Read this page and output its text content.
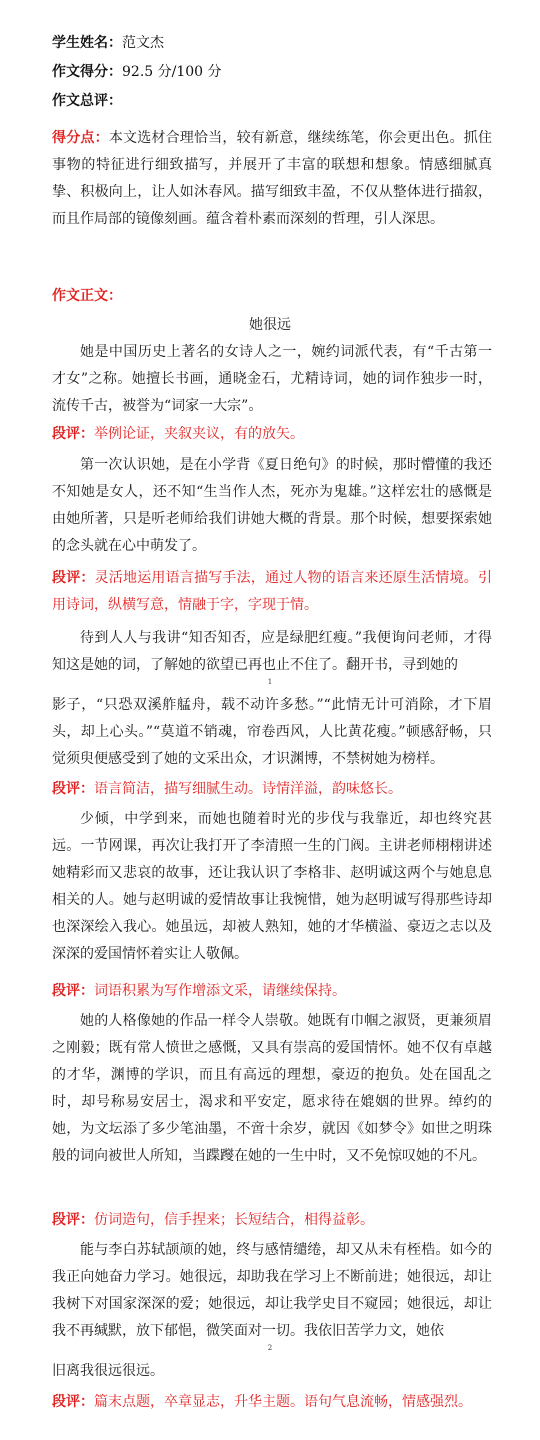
学生姓名：范文杰
作文得分：92.5 分/100 分
作文总评：
得分点：本文选材合理恰当，较有新意，继续练笔，你会更出色。抓住事物的特征进行细致描写，并展开了丰富的联想和想象。情感细腻真挚、积极向上，让人如沐春风。描写细致丰盈，不仅从整体进行描叙，而且作局部的镜像刻画。蕴含着朴素而深刻的哲理，引人深思。
作文正文：
她很远
她是中国历史上著名的女诗人之一，婉约词派代表，有“千古第一才女”之称。她擅长书画，通晓金石，尤精诗词，她的词作独步一时，流传千古，被誉为“词家一大宗”。
段评：举例论证，夹叙夹议，有的放矢。
第一次认识她，是在小学背《夏日绝句》的时候，那时懵懂的我还不知她是女人，还不知“生当作人杰，死亦为鬼雄。”这样宏壮的感慨是由她所著，只是听老师给我们讲她大概的背景。那个时候，想要探索她的念头就在心中萌发了。
段评：灵活地运用语言描写手法，通过人物的语言来还原生活情境。引用诗词，纵横写意，情融于字，字现于情。
待到人人与我讲“知否知否，应是绿肥红瘦。”我便询问老师，才得知这是她的词，了解她的欲望已再也止不住了。翻开书，寻到她的
1
影子，“只恐双溪舴艋舟，载不动许多愁。”“此情无计可消除，才下眉头，却上心头。”“莫道不销魂，帘卷西风，人比黄花瘦。”顿感舒畅，只觉须臾便感受到了她的文采出众，才识渊博，不禁树她为榜样。
段评：语言简洁，描写细腻生动。诗情洋溢，韵味悠长。
少倾，中学到来，而她也随着时光的步伐与我靠近，却也终究甚远。一节网课，再次让我打开了李清照一生的门阀。主讲老师栩栩讲述她精彩而又悲哀的故事，还让我认识了李格非、赵明诚这两个与她息息相关的人。她与赵明诚的爱情故事让我惋惜，她为赵明诚写得那些诗却也深深绘入我心。她虽远，却被人熟知，她的才华横溢、豪迈之志以及深深的爱国情怀着实让人敬佩。
段评：词语积累为写作增添文采，请继续保持。
她的人格像她的作品一样令人崇敬。她既有巾帼之淑贤，更兼须眉之刚毅；既有常人愤世之感慨，又具有崇高的爱国情怀。她不仅有卓越的才华，渊博的学识，而且有高远的理想，豪迈的抱负。处在国乱之时，却号称易安居士，渴求和平安定，愿求待在媲姻的世界。绰约的她，为文坛添了多少笔油墨，不啻十余岁，就因《如梦令》如世之明珠般的词向被世人所知，当蹀躞在她的一生中时，又不免惊叹她的不凡。
段评：仿词造句，信手捏来；长短结合，相得益彰。
能与李白苏轼颉颃的她，终与感情缱绻，却又从未有桎梏。如今的我正向她奋力学习。她很远，却助我在学习上不断前进；她很远，却让我树下对国家深深的爱；她很远，却让我学史目不窥园；她很远，却让我不再缄默，放下郁悒，微笑面对一切。我依旧苦学力文，她依
2
旧离我很远很远。
段评：篇末点题，卒章显志，升华主题。语句气息流畅，情感强烈。
